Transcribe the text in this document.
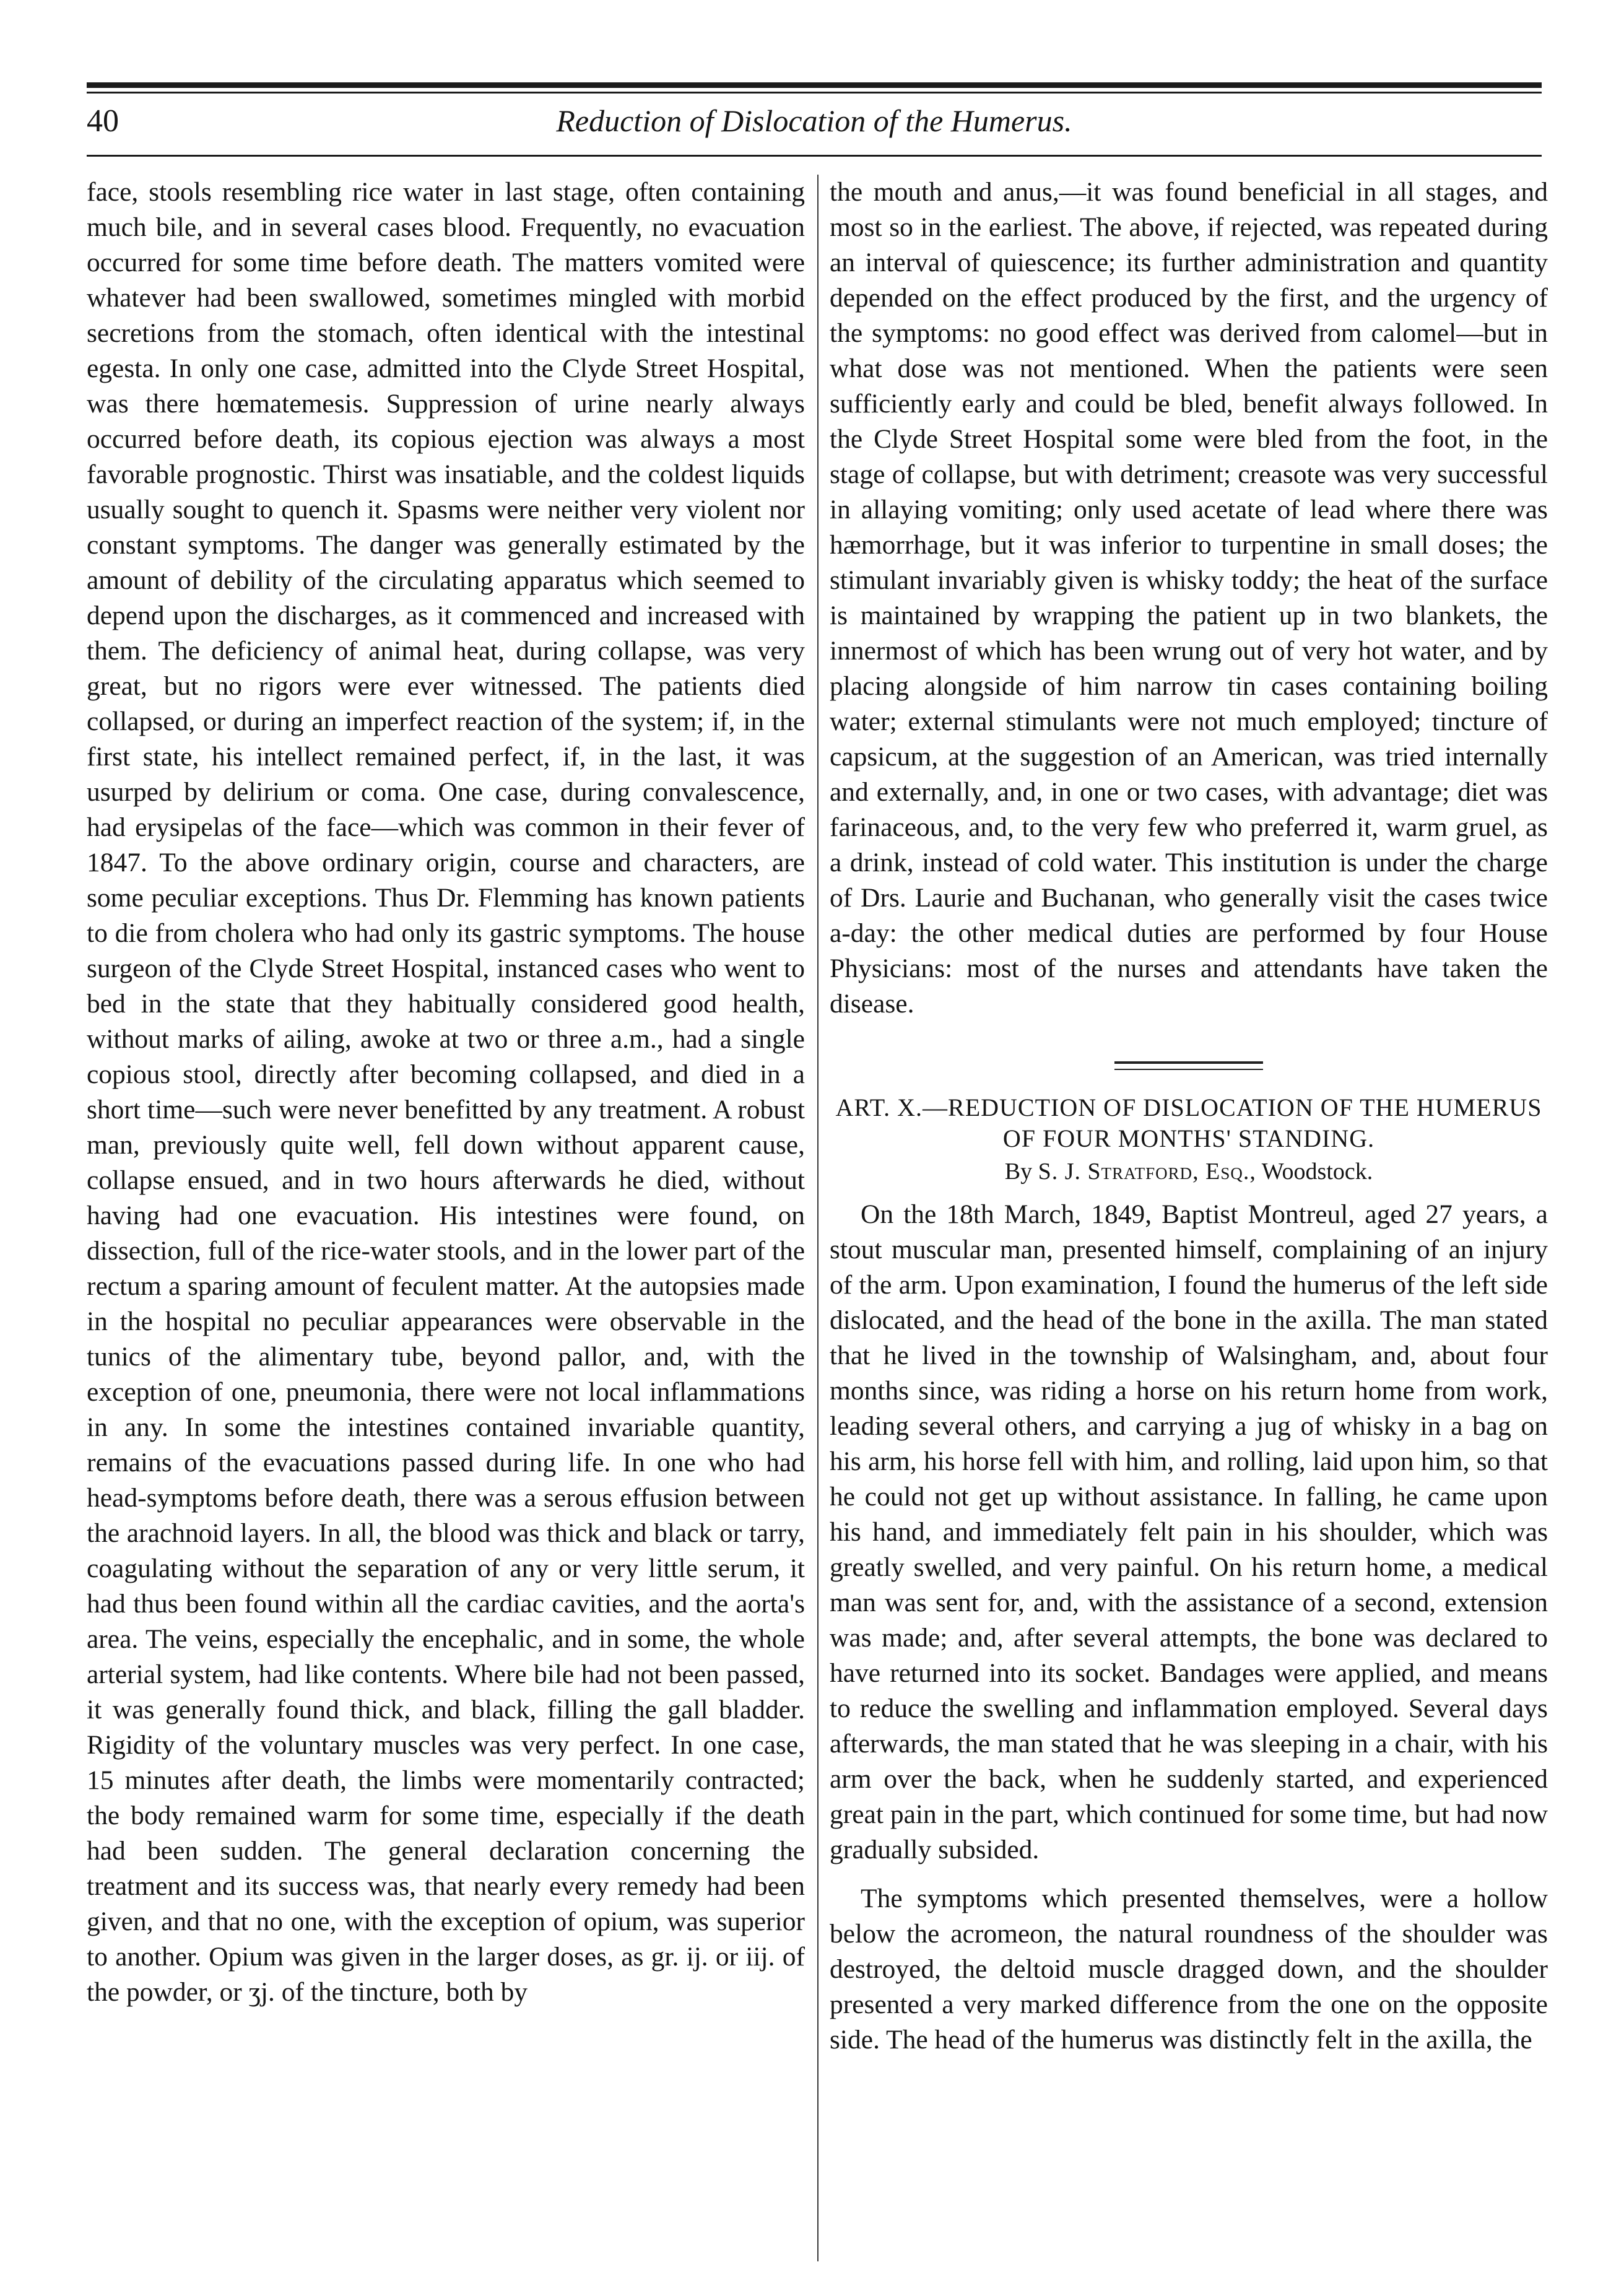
40	Reduction of Dislocation of the Humerus.

face, stools resembling rice water in last stage, often containing much bile, and in several cases blood. Frequently, no evacuation occurred for some time before death. The matters vomited were whatever had been swallowed, sometimes mingled with morbid secretions from the stomach, often identical with the intestinal egesta. In only one case, admitted into the Clyde Street Hospital, was there hœmatemesis. Suppression of urine nearly always occurred before death, its copious ejection was always a most favorable prognostic. Thirst was insatiable, and the coldest liquids usually sought to quench it. Spasms were neither very violent nor constant symptoms. The danger was generally estimated by the amount of debility of the circulating apparatus which seemed to depend upon the discharges, as it commenced and increased with them. The deficiency of animal heat, during collapse, was very great, but no rigors were ever witnessed. The patients died collapsed, or during an imperfect reaction of the system; if, in the first state, his intellect remained perfect, if, in the last, it was usurped by delirium or coma. One case, during convalescence, had erysipelas of the face—which was common in their fever of 1847. To the above ordinary origin, course and characters, are some peculiar exceptions. Thus Dr. Flemming has known patients to die from cholera who had only its gastric symptoms. The house surgeon of the Clyde Street Hospital, instanced cases who went to bed in the state that they habitually considered good health, without marks of ailing, awoke at two or three a.m., had a single copious stool, directly after becoming collapsed, and died in a short time—such were never benefitted by any treatment. A robust man, previously quite well, fell down without apparent cause, collapse ensued, and in two hours afterwards he died, without having had one evacuation. His intestines were found, on dissection, full of the rice-water stools, and in the lower part of the rectum a sparing amount of feculent matter. At the autopsies made in the hospital no peculiar appearances were observable in the tunics of the alimentary tube, beyond pallor, and, with the exception of one, pneumonia, there were not local inflammations in any. In some the intestines contained invariable quantity, remains of the evacuations passed during life. In one who had head-symptoms before death, there was a serous effusion between the arachnoid layers. In all, the blood was thick and black or tarry, coagulating without the separation of any or very little serum, it had thus been found within all the cardiac cavities, and the aorta's area. The veins, especially the encephalic, and in some, the whole arterial system, had like contents. Where bile had not been passed, it was generally found thick, and black, filling the gall bladder. Rigidity of the voluntary muscles was very perfect. In one case, 15 minutes after death, the limbs were momentarily contracted; the body remained warm for some time, especially if the death had been sudden. The general declaration concerning the treatment and its success was, that nearly every remedy had been given, and that no one, with the exception of opium, was superior to another. Opium was given in the larger doses, as gr. ij. or iij. of the powder, or ʒj. of the tincture, both by

the mouth and anus,—it was found beneficial in all stages, and most so in the earliest. The above, if rejected, was repeated during an interval of quiescence; its further administration and quantity depended on the effect produced by the first, and the urgency of the symptoms: no good effect was derived from calomel—but in what dose was not mentioned. When the patients were seen sufficiently early and could be bled, benefit always followed. In the Clyde Street Hospital some were bled from the foot, in the stage of collapse, but with detriment; creasote was very successful in allaying vomiting; only used acetate of lead where there was hæmorrhage, but it was inferior to turpentine in small doses; the stimulant invariably given is whisky toddy; the heat of the surface is maintained by wrapping the patient up in two blankets, the innermost of which has been wrung out of very hot water, and by placing alongside of him narrow tin cases containing boiling water; external stimulants were not much employed; tincture of capsicum, at the suggestion of an American, was tried internally and externally, and, in one or two cases, with advantage; diet was farinaceous, and, to the very few who preferred it, warm gruel, as a drink, instead of cold water. This institution is under the charge of Drs. Laurie and Buchanan, who generally visit the cases twice a-day: the other medical duties are performed by four House Physicians: most of the nurses and attendants have taken the disease.

ART. X.—REDUCTION OF DISLOCATION OF THE HUMERUS OF FOUR MONTHS' STANDING.

By S. J. Stratford, Esq., Woodstock.

On the 18th March, 1849, Baptist Montreul, aged 27 years, a stout muscular man, presented himself, complaining of an injury of the arm. Upon examination, I found the humerus of the left side dislocated, and the head of the bone in the axilla. The man stated that he lived in the township of Walsingham, and, about four months since, was riding a horse on his return home from work, leading several others, and carrying a jug of whisky in a bag on his arm, his horse fell with him, and rolling, laid upon him, so that he could not get up without assistance. In falling, he came upon his hand, and immediately felt pain in his shoulder, which was greatly swelled, and very painful. On his return home, a medical man was sent for, and, with the assistance of a second, extension was made; and, after several attempts, the bone was declared to have returned into its socket. Bandages were applied, and means to reduce the swelling and inflammation employed. Several days afterwards, the man stated that he was sleeping in a chair, with his arm over the back, when he suddenly started, and experienced great pain in the part, which continued for some time, but had now gradually subsided.

The symptoms which presented themselves, were a hollow below the acromeon, the natural roundness of the shoulder was destroyed, the deltoid muscle dragged down, and the shoulder presented a very marked difference from the one on the opposite side. The head of the humerus was distinctly felt in the axilla, the
